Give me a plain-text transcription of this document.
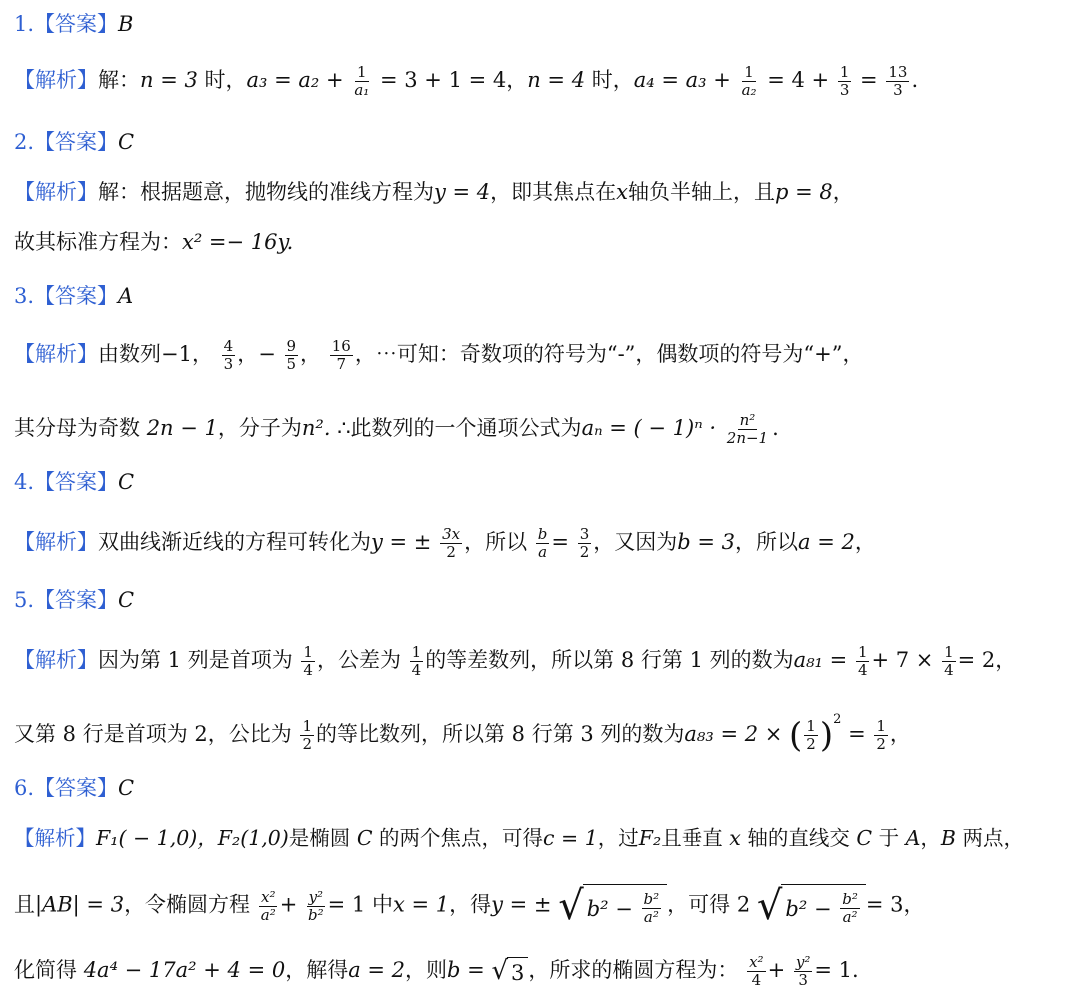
1.【答案】B
【解析】解：n = 3 时，$a_3 = a_2 + \frac{1}{\text{a₁}} = 3 + 1 = 4$，n = 4 时，$a_4 = a_3 + \frac{1}{\text{a₂}} = 4 + \frac{1}{3} = \frac{13}{3}$ .
2.【答案】C
【解析】解：根据题意，抛物线的准线方程为y = 4，即其焦点在x轴负半轴上，且p = 8，
故其标准方程为：x² =− 16y.
3.【答案】A
【解析】由数列−1， $\frac{4}{3}$ ，− $\frac{9}{5}$ ， $\frac{16}{7}$ ，⋯可知：奇数项的符号为“-”，偶数项的符号为“+”，
其分母为奇数 2n − 1，分子为n². ∴此数列的一个通项公式为aₙ = ( − $1)^n \cdot \frac{\text{n²}}{2n-1}$ .
4.【答案】C
【解析】双曲线渐近线的方程可转化为y = ± $\frac{3x}{2}$ ，所以 $\frac{b}{a} = \frac{3}{2}$ ，又因为b = 3，所以a = 2，
5.【答案】C
【解析】因为第 1 列是首项为 $\frac{1}{4}$ ，公差为 $\frac{1}{4}$ 的等差数列，所以第 8 行第 1 列的数为$a_{81} = \frac{1}{4} + 7 \times \frac{1}{4} = 2$，
又第 8 行是首项为 2，公比为 $\frac{1}{2}$ 的等比数列，所以第 8 行第 3 列的数为a₈₃ = 2 × ( $\frac{1}{2} )^2 = \frac{1}{2}$ ，
6.【答案】C
【解析】F₁( − 1,0)，F₂(1,0)是椭圆 C 的两个焦点，可得c = 1，过F₂且垂直 x 轴的直线交 C 于 A，B 两点，
且|AB| = 3，令椭圆方程 $\frac{\text{x²}}{\text{a²}} + \frac{\text{y²}}{\text{b²}} = 1$ 中x = 1，得y = ± √ b² −
$\frac{\text{b²}}{\text{a²}}$ ，可得 2 √ b² −
$\frac{\text{b²}}{\text{a²}} = 3$，
化简得 4a⁴ − 17a² + 4 = 0，解得a = 2，则b = √ 3 ，所求的椭圆方程为： $\frac{\text{x²}}{4} + \frac{\text{y²}}{3} = 1$.
